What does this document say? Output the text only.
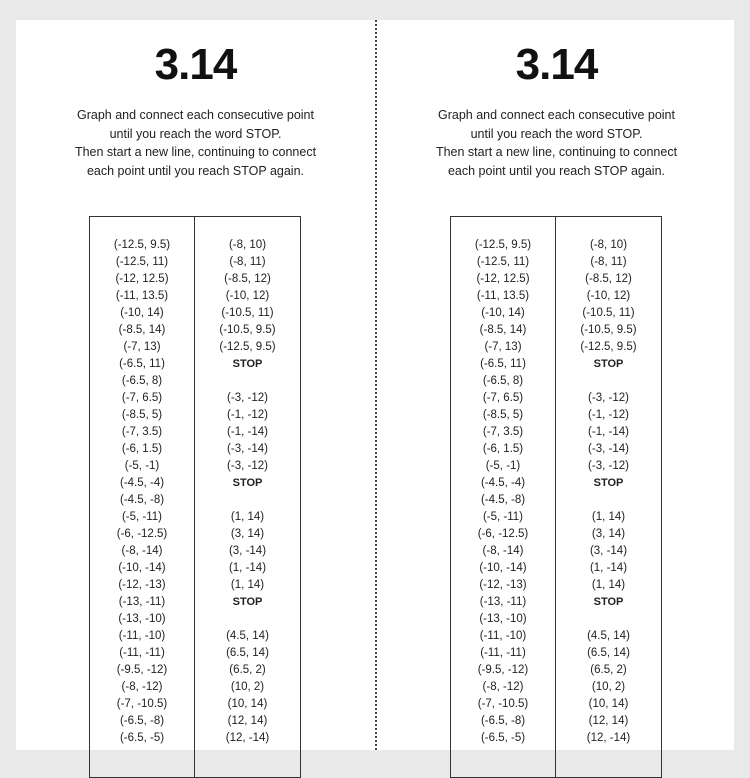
3.14
Graph and connect each consecutive point
until you reach the word STOP.
Then start a new line, continuing to connect
each point until you reach STOP again.
(-12.5, 9.5)
(-12.5, 11)
(-12, 12.5)
(-11, 13.5)
(-10, 14)
(-8.5, 14)
(-7, 13)
(-6.5, 11)
(-6.5, 8)
(-7, 6.5)
(-8.5, 5)
(-7, 3.5)
(-6, 1.5)
(-5, -1)
(-4.5, -4)
(-4.5, -8)
(-5, -11)
(-6, -12.5)
(-8, -14)
(-10, -14)
(-12, -13)
(-13, -11)
(-13, -10)
(-11, -10)
(-11, -11)
(-9.5, -12)
(-8, -12)
(-7, -10.5)
(-6.5, -8)
(-6.5, -5)
(-8, 10)
(-8, 11)
(-8.5, 12)
(-10, 12)
(-10.5, 11)
(-10.5, 9.5)
(-12.5, 9.5)
STOP
(-3, -12)
(-1, -12)
(-1, -14)
(-3, -14)
(-3, -12)
STOP
(1, 14)
(3, 14)
(3, -14)
(1, -14)
(1, 14)
STOP
(4.5, 14)
(6.5, 14)
(6.5, 2)
(10, 2)
(10, 14)
(12, 14)
(12, -14)
3.14
Graph and connect each consecutive point
until you reach the word STOP.
Then start a new line, continuing to connect
each point until you reach STOP again.
(-12.5, 9.5)
(-12.5, 11)
(-12, 12.5)
(-11, 13.5)
(-10, 14)
(-8.5, 14)
(-7, 13)
(-6.5, 11)
(-6.5, 8)
(-7, 6.5)
(-8.5, 5)
(-7, 3.5)
(-6, 1.5)
(-5, -1)
(-4.5, -4)
(-4.5, -8)
(-5, -11)
(-6, -12.5)
(-8, -14)
(-10, -14)
(-12, -13)
(-13, -11)
(-13, -10)
(-11, -10)
(-11, -11)
(-9.5, -12)
(-8, -12)
(-7, -10.5)
(-6.5, -8)
(-6.5, -5)
(-8, 10)
(-8, 11)
(-8.5, 12)
(-10, 12)
(-10.5, 11)
(-10.5, 9.5)
(-12.5, 9.5)
STOP
(-3, -12)
(-1, -12)
(-1, -14)
(-3, -14)
(-3, -12)
STOP
(1, 14)
(3, 14)
(3, -14)
(1, -14)
(1, 14)
STOP
(4.5, 14)
(6.5, 14)
(6.5, 2)
(10, 2)
(10, 14)
(12, 14)
(12, -14)
